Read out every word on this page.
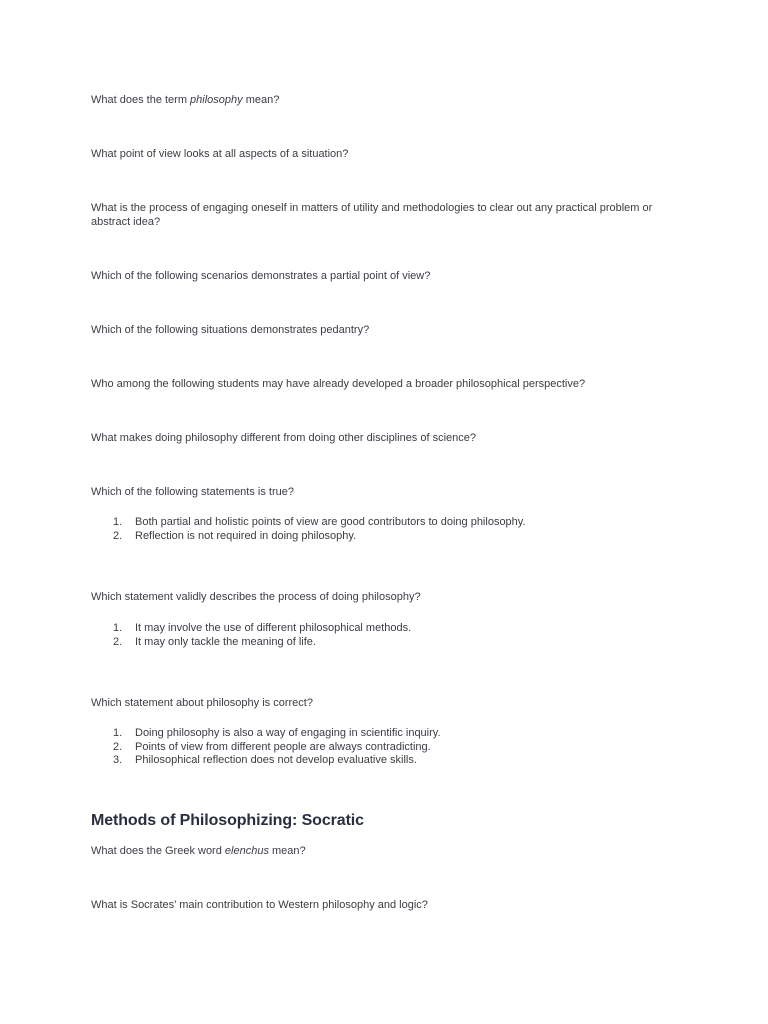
What does the term philosophy mean?

What point of view looks at all aspects of a situation?

What is the process of engaging oneself in matters of utility and methodologies to clear out any practical problem or abstract idea?

Which of the following scenarios demonstrates a partial point of view?

Which of the following situations demonstrates pedantry?

Who among the following students may have already developed a broader philosophical perspective?

What makes doing philosophy different from doing other disciplines of science?

Which of the following statements is true?

1. Both partial and holistic points of view are good contributors to doing philosophy.
2. Reflection is not required in doing philosophy.

Which statement validly describes the process of doing philosophy?

1. It may involve the use of different philosophical methods.
2. It may only tackle the meaning of life.

Which statement about philosophy is correct?

1. Doing philosophy is also a way of engaging in scientific inquiry.
2. Points of view from different people are always contradicting.
3. Philosophical reflection does not develop evaluative skills.
Methods of Philosophizing: Socratic

What does the Greek word elenchus mean?

What is Socrates’ main contribution to Western philosophy and logic?
